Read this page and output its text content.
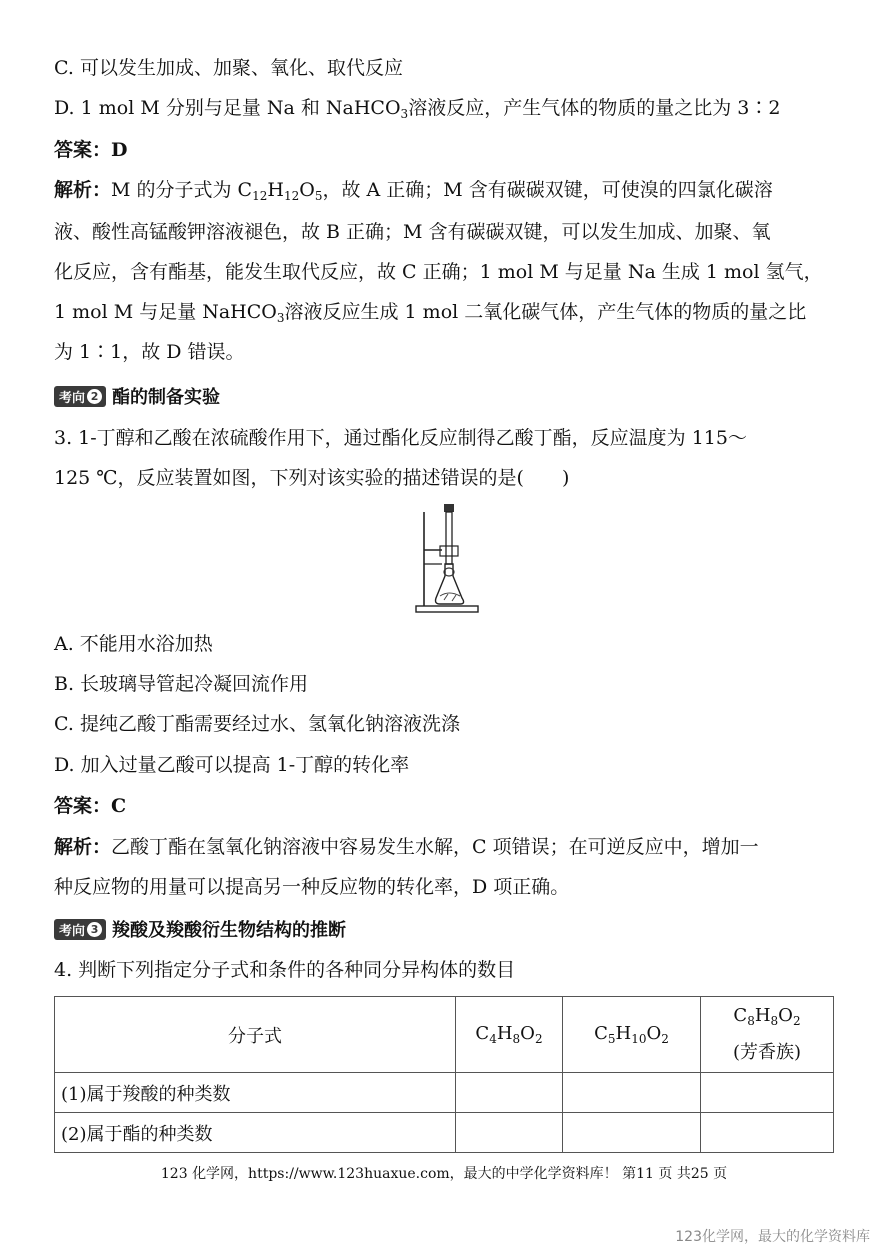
C. 可以发生加成、加聚、氧化、取代反应
D. 1 mol M 分别与足量 Na 和 NaHCO$_3$溶液反应，产生气体的物质的量之比为 3∶2
答案：D
解析：M 的分子式为 $C_{12}H_{12}O_5$，故 A 正确；M 含有碳碳双键，可使溴的四氯化碳溶
液、酸性高锰酸钾溶液褪色，故 B 正确；M 含有碳碳双键，可以发生加成、加聚、氧
化反应，含有酯基，能发生取代反应，故 C 正确；1 mol M 与足量 Na 生成 1 mol 氢气，
1 mol M 与足量 NaHCO$_3$溶液反应生成 1 mol 二氧化碳气体，产生气体的物质的量之比
为 1∶1，故 D 错误。
考向 2 酯的制备实验
3. 1-丁醇和乙酸在浓硫酸作用下，通过酯化反应制得乙酸丁酯，反应温度为 115～
125 ℃，反应装置如图，下列对该实验的描述错误的是(　　)
A. 不能用水浴加热
B. 长玻璃导管起冷凝回流作用
C. 提纯乙酸丁酯需要经过水、氢氧化钠溶液洗涤
D. 加入过量乙酸可以提高 1-丁醇的转化率
答案：C
解析：乙酸丁酯在氢氧化钠溶液中容易发生水解，C 项错误；在可逆反应中，增加一
种反应物的用量可以提高另一种反应物的转化率，D 项正确。
考向 3 羧酸及羧酸衍生物结构的推断
4. 判断下列指定分子式和条件的各种同分异构体的数目
分子式	$C_4H_8O_2$	$C_5H_{10}O_2$	$C_8H_8O_2$
(芳香族)

(1)属于羧酸的种类数			
(2)属于酯的种类数			
123 化学网，https://www.123huaxue.com，最大的中学化学资料库！ 第11 页 共25 页
123化学网，最大的化学资料库
